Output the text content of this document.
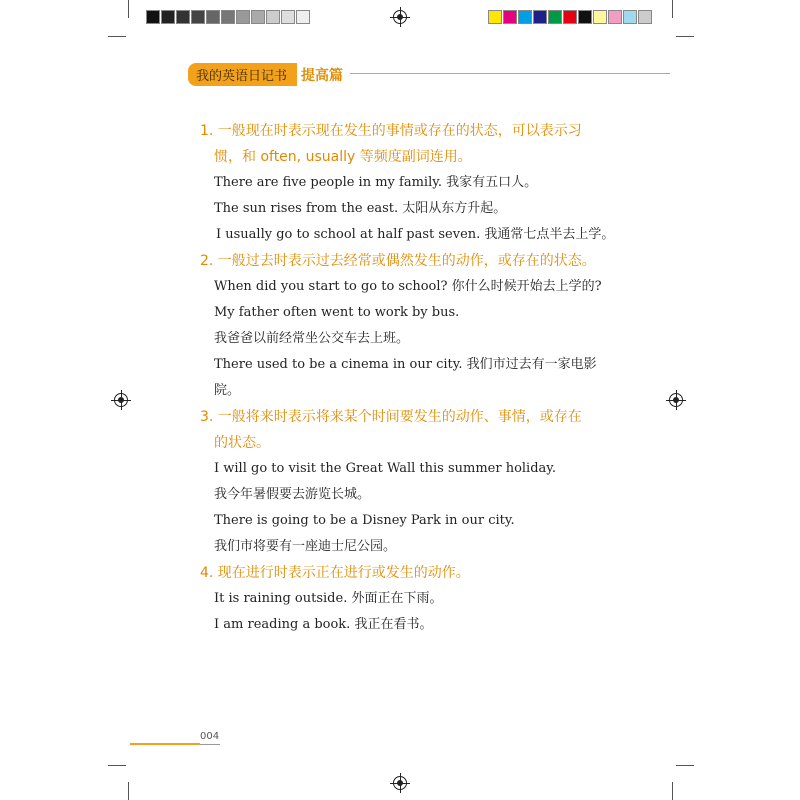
我的英语日记书	提高篇
1. 一般现在时表示现在发生的事情或存在的状态，可以表示习
惯，和 often, usually 等频度副词连用。

There are five people in my family. 我家有五口人。

The sun rises from the east. 太阳从东方升起。

I usually go to school at half past seven. 我通常七点半去上学。

2. 一般过去时表示过去经常或偶然发生的动作，或存在的状态。

When did you start to go to school? 你什么时候开始去上学的?

My father often went to work by bus.

我爸爸以前经常坐公交车去上班。

There used to be a cinema in our city. 我们市过去有一家电影院。

3. 一般将来时表示将来某个时间要发生的动作、事情，或存在
的状态。

I will go to visit the Great Wall this summer holiday.

我今年暑假要去游览长城。

There is going to be a Disney Park in our city.

我们市将要有一座迪士尼公园。

4. 现在进行时表示正在进行或发生的动作。

It is raining outside. 外面正在下雨。

I am reading a book. 我正在看书。

004
